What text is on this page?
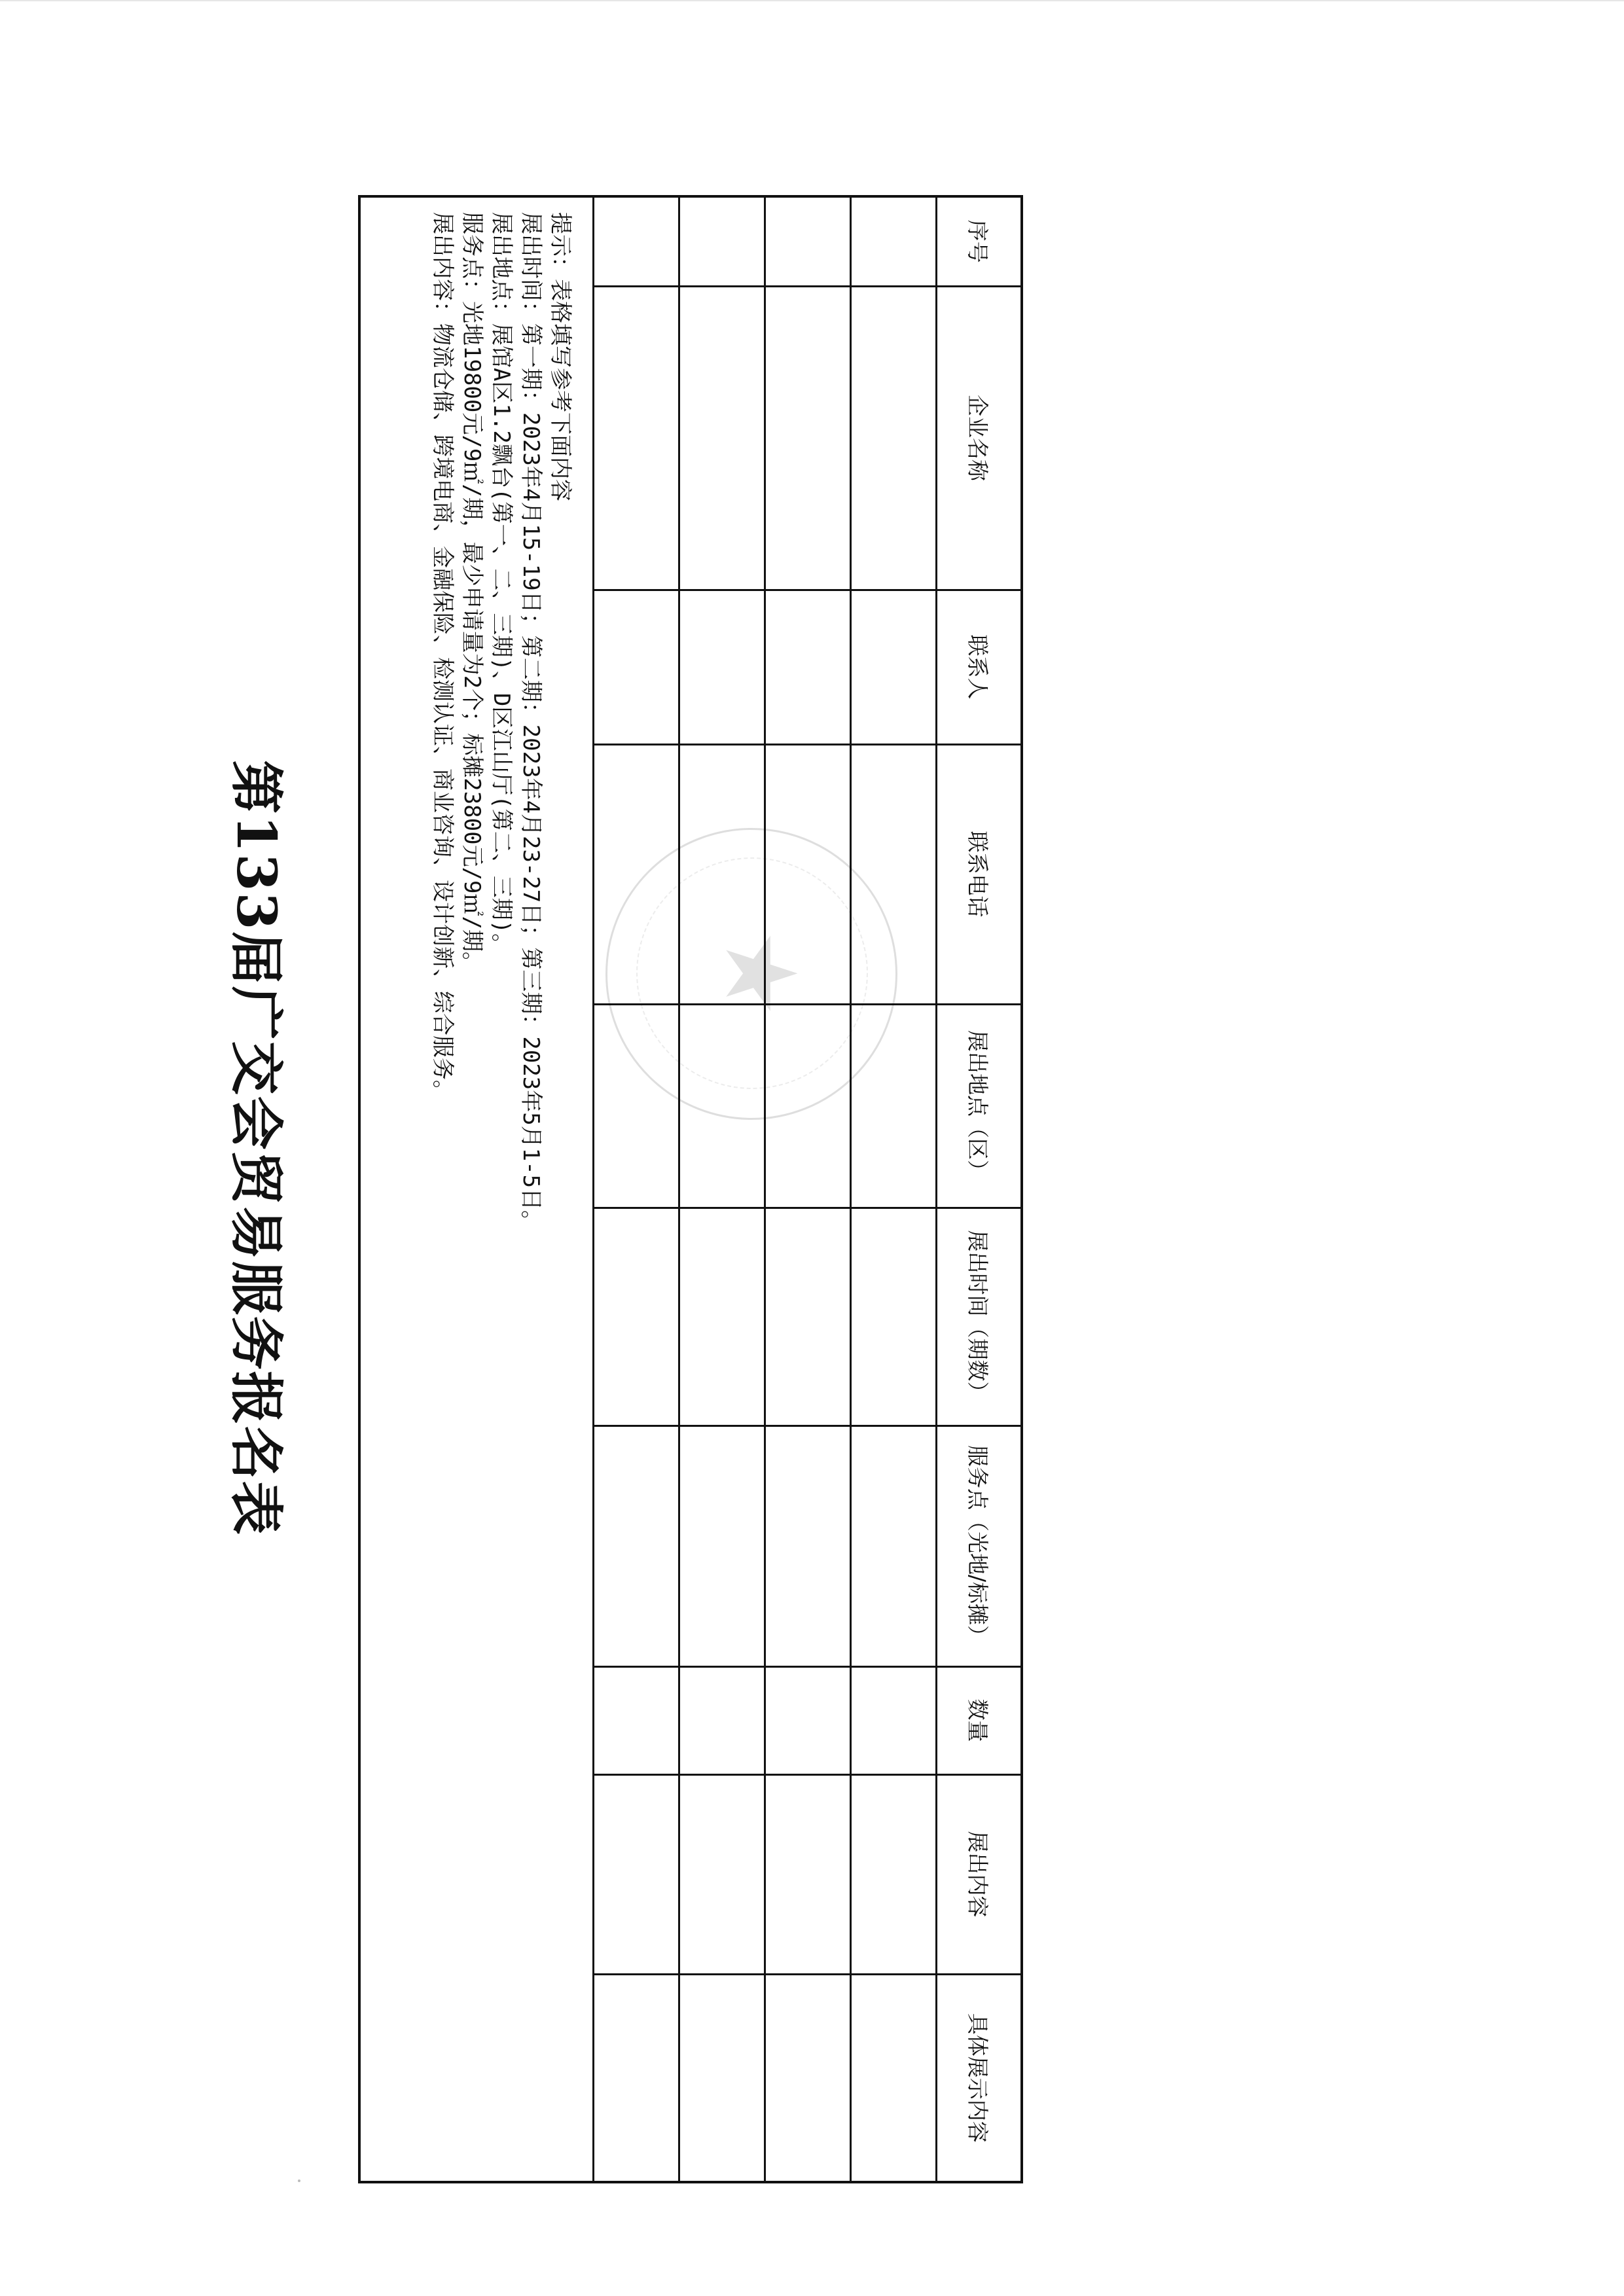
第133届广交会贸易服务报名表	★
序号	企业名称	联系人	联系电话	展出地点（区）	展出时间（期数）	服务点（光地/标摊）	数量	展出内容	具体展示内容

提示：表格填写参考下面内容

展出时间：第一期：2023年4月15-19日；第二期：2023年4月23-27日；第三期：2023年5月1-5日。

展出地点：展馆A区1.2飘台(第一、二、三期)、D区江山厅(第二、三期)。

服务点：光地19800元/9㎡/期，最少申请量为2个；标摊23800元/9㎡/期。

展出内容：物流仓储、跨境电商、金融保险、检测认证、商业咨询、设计创新、综合服务。									
